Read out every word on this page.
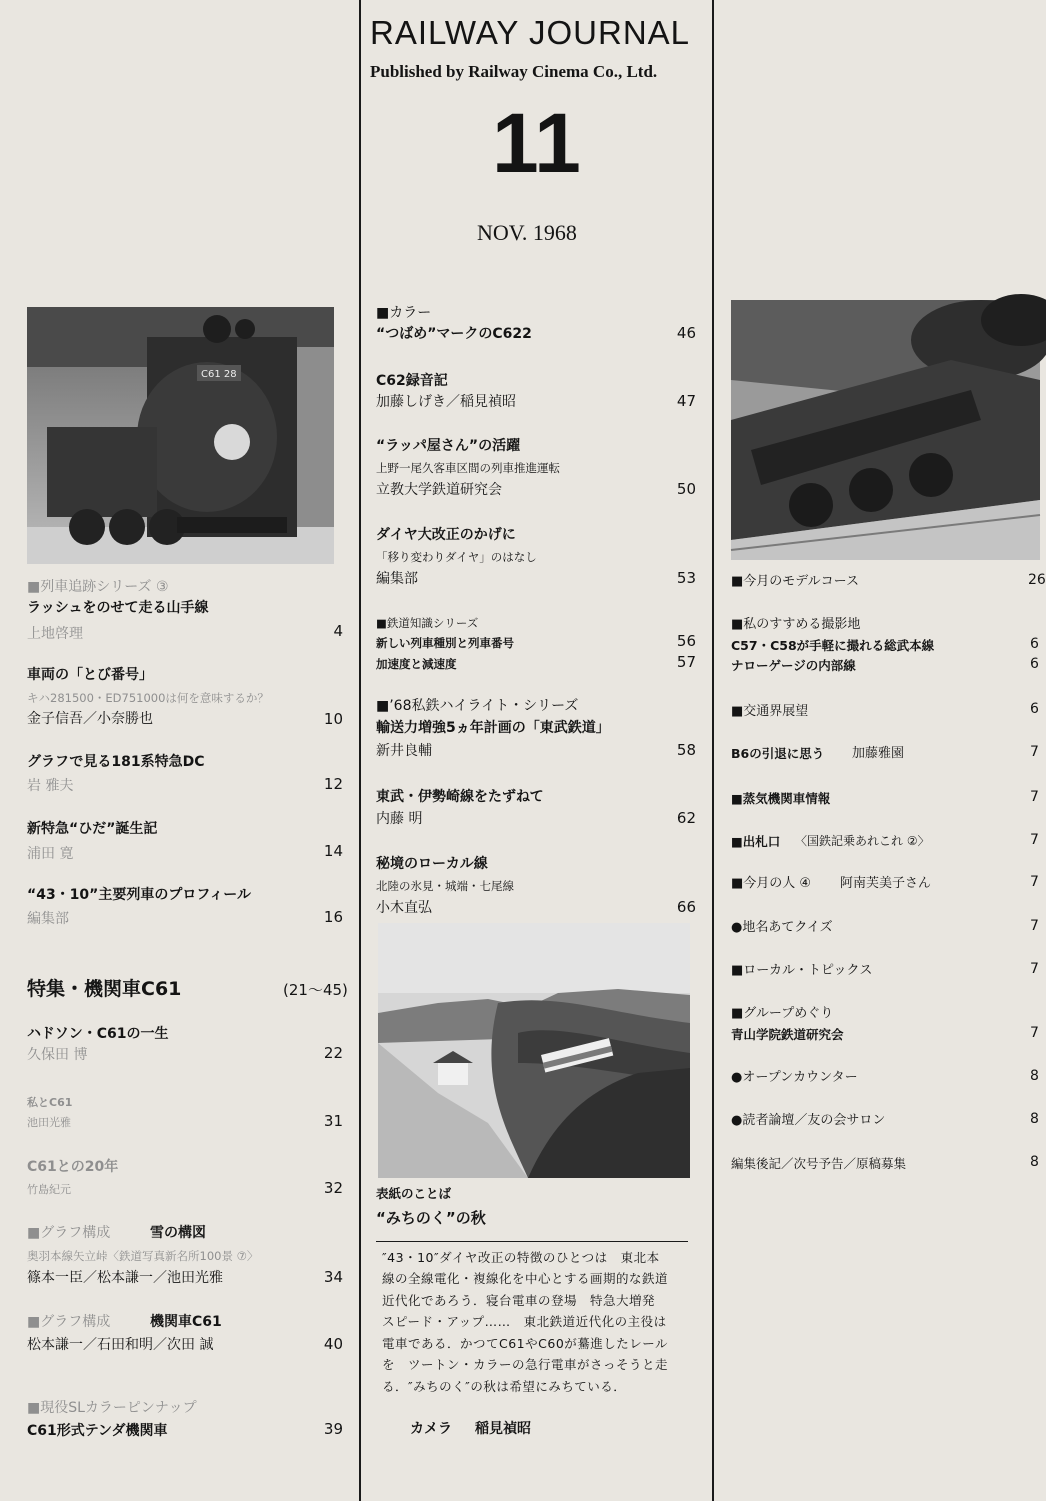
RAILWAY JOURNAL
Published by Railway Cinema Co., Ltd.
11
NOV. 1968
C61 28
■列車追跡シリーズ ③
ラッシュをのせて走る山手線
上地啓理	4
車両の「とび番号」
キハ281500・ED751000は何を意味するか？
金子信吾／小奈勝也	10
グラフで見る181系特急DC
岩 雅夫	12
新特急“ひだ”誕生記
浦田 寛	14
“43・10”主要列車のプロフィール
編集部	16
特集・機関車C61	(21～45)
ハドソン・C61の一生
久保田 博	22
私とC61
池田光雅	31
C61との20年
竹島紀元	32
■グラフ構成	雪の構図
奥羽本線矢立峠〈鉄道写真新名所100景 ⑦〉
篠本一臣／松本謙一／池田光雅	34
■グラフ構成	機関車C61
松本謙一／石田和明／次田 誠	40
■現役SLカラーピンナップ
C61形式テンダ機関車	39
■カラー
“つばめ”マークのC622	46
C62録音記
加藤しげき／稲見禎昭	47
“ラッパ屋さん”の活躍
上野一尾久客車区間の列車推進運転
立教大学鉄道研究会	50
ダイヤ大改正のかげに
「移り変わりダイヤ」のはなし
編集部	53
■鉄道知識シリーズ
新しい列車種別と列車番号	56
加速度と減速度	57
■’68私鉄ハイライト・シリーズ
輸送力増強5ヵ年計画の「東武鉄道」
新井良輔	58
東武・伊勢崎線をたずねて
内藤 明	62
秘境のローカル線
北陸の氷見・城端・七尾線
小木直弘	66
表紙のことば
“みちのく”の秋
″43・10″ダイヤ改正の特徴のひとつは　東北本
線の全線電化・複線化を中心とする画期的な鉄道
近代化であろう．寝台電車の登場　特急大増発
スピード・アップ……　東北鉄道近代化の主役は
電車である．かつてC61やC60が驀進したレール
を　ツートン・カラーの急行電車がさっそうと走
る．″みちのく″の秋は希望にみちている．
カメラ 稲見禎昭
■今月のモデルコース	26
■私のすすめる撮影地
C57・C58が手軽に撮れる総武本線	6
ナローゲージの内部線	6
■交通界展望	6
B6の引退に思う 加藤雅園	7
■蒸気機関車情報	7
■出札口 〈国鉄記乗あれこれ ②〉	7
■今月の人 ④ 阿南芙美子さん	7
●地名あてクイズ	7
■ローカル・トピックス	7
■グループめぐり
青山学院鉄道研究会	7
●オープンカウンター	8
●読者論壇／友の会サロン	8
編集後記／次号予告／原稿募集	8
